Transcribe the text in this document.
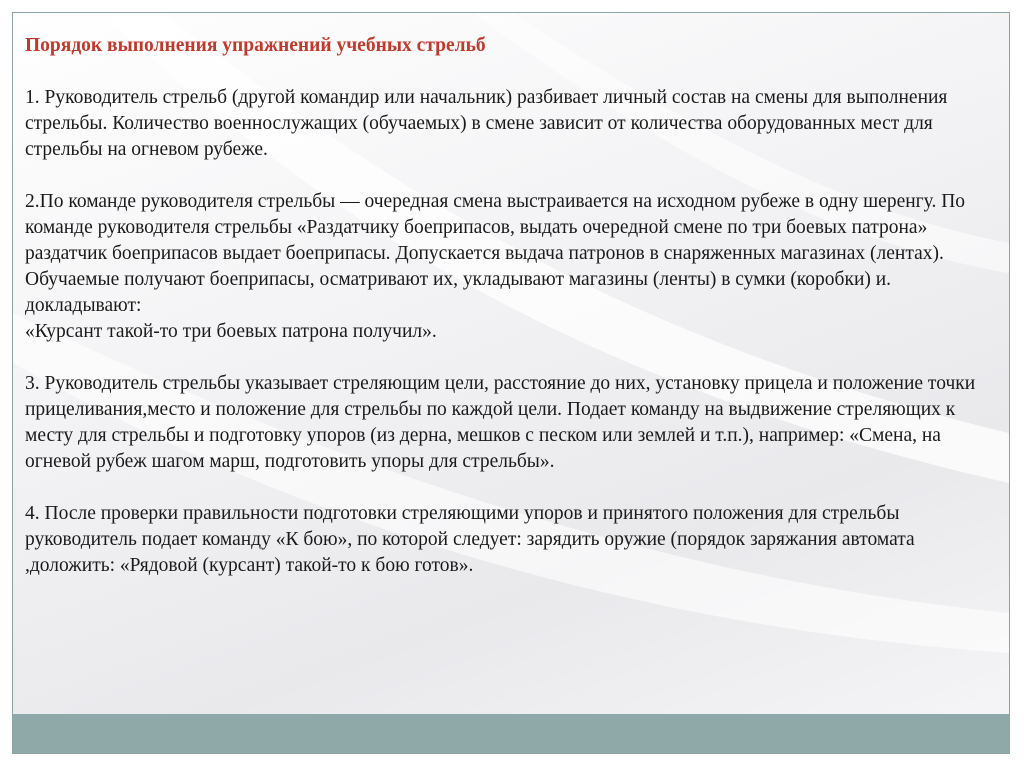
Порядок выполнения упражнений учебных стрельб
1. Руководитель стрельб (другой командир или начальник) разбивает личный состав на смены для выполнения стрельбы. Количество военнослужащих (обучаемых) в смене зависит от количества оборудованных мест для стрельбы на огневом рубеже.
2.По команде руководителя стрельбы — очередная смена выстраивается на исходном рубеже в одну шеренгу. По команде руководителя стрельбы «Раздатчику боеприпасов, выдать очередной смене по три боевых патрона» раздатчик боеприпасов выдает боеприпасы. Допускается выдача патронов в снаряженных магазинах (лентах). Обучаемые получают боеприпасы, осматривают их, укладывают магазины (ленты) в сумки (коробки) и. докладывают:
«Курсант такой-то три боевых патрона получил».
3. Руководитель стрельбы указывает стреляющим цели, расстояние до них, установку прицела и положение точки прицеливания,место и положение для стрельбы по каждой цели. Подает команду на выдвижение стреляющих к месту для стрельбы и подготовку упоров (из дерна, мешков с песком или землей и т.п.), например: «Смена, на огневой рубеж шагом марш, подготовить упоры для стрельбы».
4. После проверки правильности подготовки стреляющими упоров и принятого положения для стрельбы руководитель подает команду «К бою», по которой следует: зарядить оружие (порядок заряжания автомата ,доложить: «Рядовой (курсант) такой-то к бою готов».
